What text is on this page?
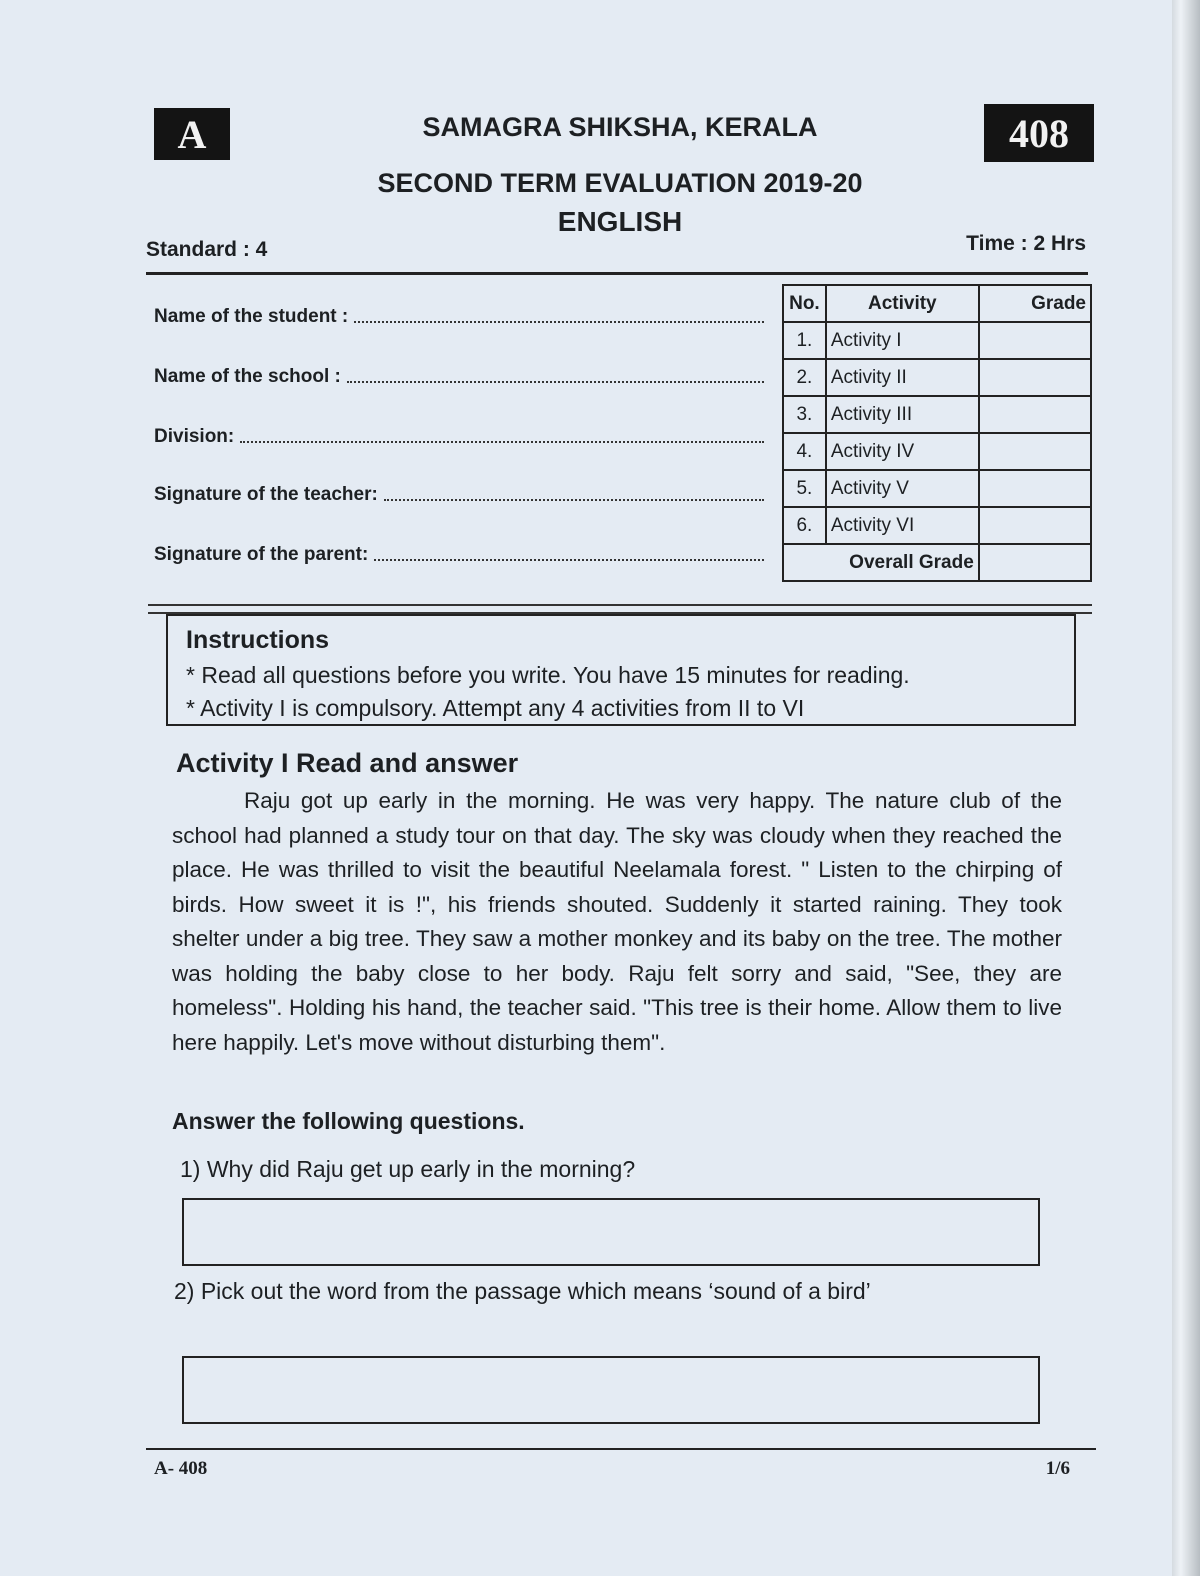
A	408
SAMAGRA SHIKSHA, KERALA
SECOND TERM EVALUATION 2019-20
ENGLISH
Standard : 4	Time : 2 Hrs
Name of the student :
Name of the school :
Division:
Signature of the teacher:
Signature of the parent:
No.	Activity	Grade
1.	Activity I	
2.	Activity II	
3.	Activity III	
4.	Activity IV	
5.	Activity V	
6.	Activity VI	
Overall Grade		
Instructions

* Read all questions before you write. You have 15 minutes for reading.

* Activity I is compulsory. Attempt any 4 activities from II to VI

Activity I Read and answer
Raju got up early in the morning. He was very happy. The nature club of the school had planned a study tour on that day. The sky was cloudy when they reached the place. He was thrilled to visit the beautiful Neelamala forest. " Listen to the chirping of birds. How sweet it is !", his friends shouted. Suddenly it started raining. They took shelter under a big tree. They saw a mother monkey and its baby on the tree. The mother was holding the baby close to her body. Raju felt sorry and said, "See, they are homeless". Holding his hand, the teacher said. "This tree is their home. Allow them to live here happily. Let's move without disturbing them".
Answer the following questions.
1) Why did Raju get up early in the morning?
2) Pick out the word from the passage which means ‘sound of a bird’
A- 408	1/6
